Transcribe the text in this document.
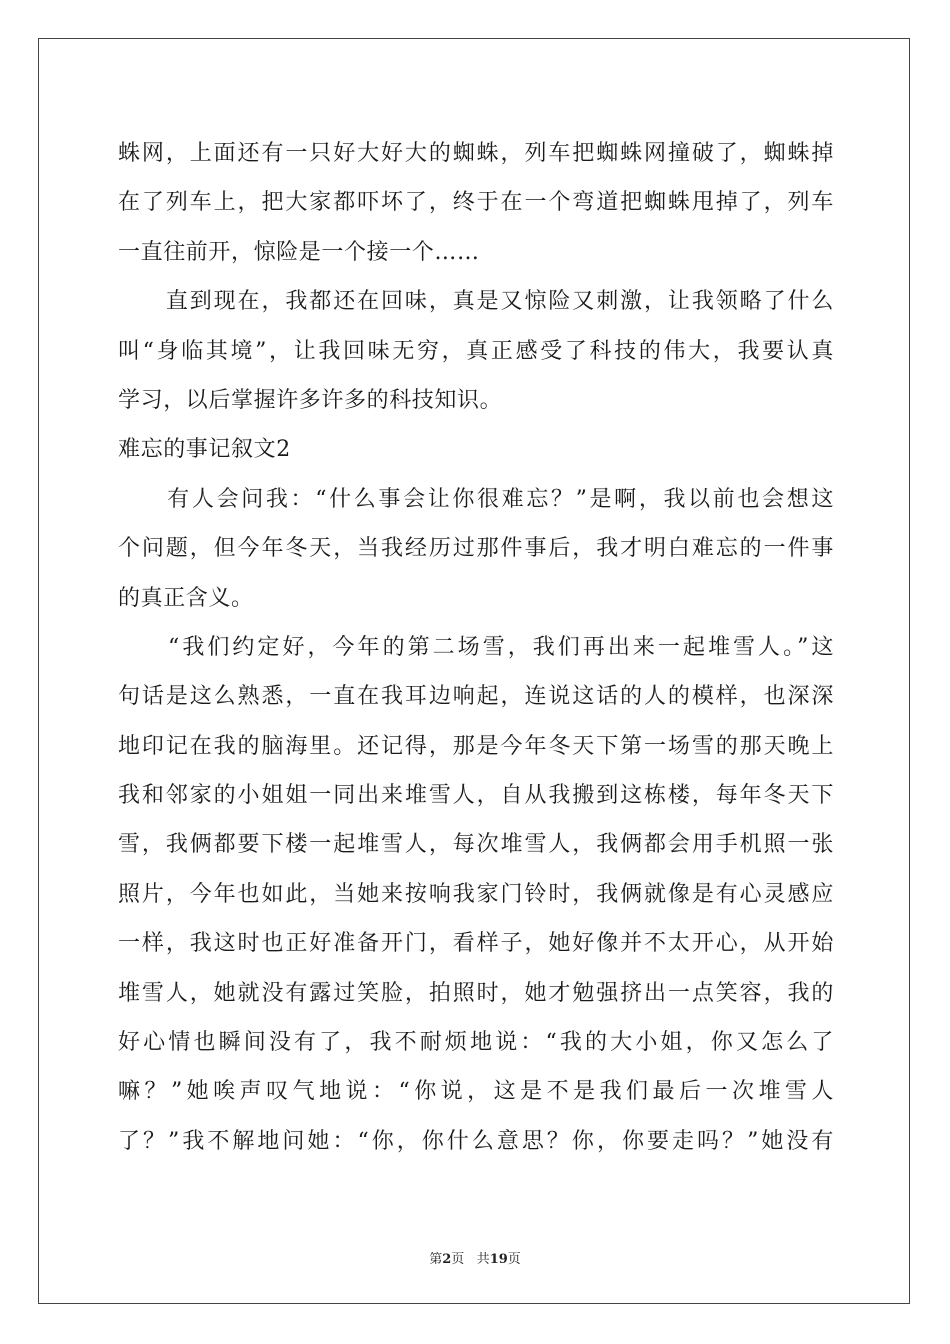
蛛网，上面还有一只好大好大的蜘蛛，列车把蜘蛛网撞破了，蜘蛛掉
在了列车上，把大家都吓坏了，终于在一个弯道把蜘蛛甩掉了，列车
一直往前开，惊险是一个接一个……
　　直到现在，我都还在回味，真是又惊险又刺激，让我领略了什么
叫“身临其境”，让我回味无穷，真正感受了科技的伟大，我要认真
学习，以后掌握许多许多的科技知识。
难忘的事记叙文2
　　有人会问我：“什么事会让你很难忘？”是啊，我以前也会想这
个问题，但今年冬天，当我经历过那件事后，我才明白难忘的一件事
的真正含义。
　　“我们约定好，今年的第二场雪，我们再出来一起堆雪人。”这
句话是这么熟悉，一直在我耳边响起，连说这话的人的模样，也深深
地印记在我的脑海里。还记得，那是今年冬天下第一场雪的那天晚上
我和邻家的小姐姐一同出来堆雪人，自从我搬到这栋楼，每年冬天下
雪，我俩都要下楼一起堆雪人，每次堆雪人，我俩都会用手机照一张
照片，今年也如此，当她来按响我家门铃时，我俩就像是有心灵感应
一样，我这时也正好准备开门，看样子，她好像并不太开心，从开始
堆雪人，她就没有露过笑脸，拍照时，她才勉强挤出一点笑容，我的
好心情也瞬间没有了，我不耐烦地说：“我的大小姐，你又怎么了
嘛？”她唉声叹气地说：“你说，这是不是我们最后一次堆雪人
了？”我不解地问她：“你，你什么意思？你，你要走吗？”她没有
第2页 共19页
